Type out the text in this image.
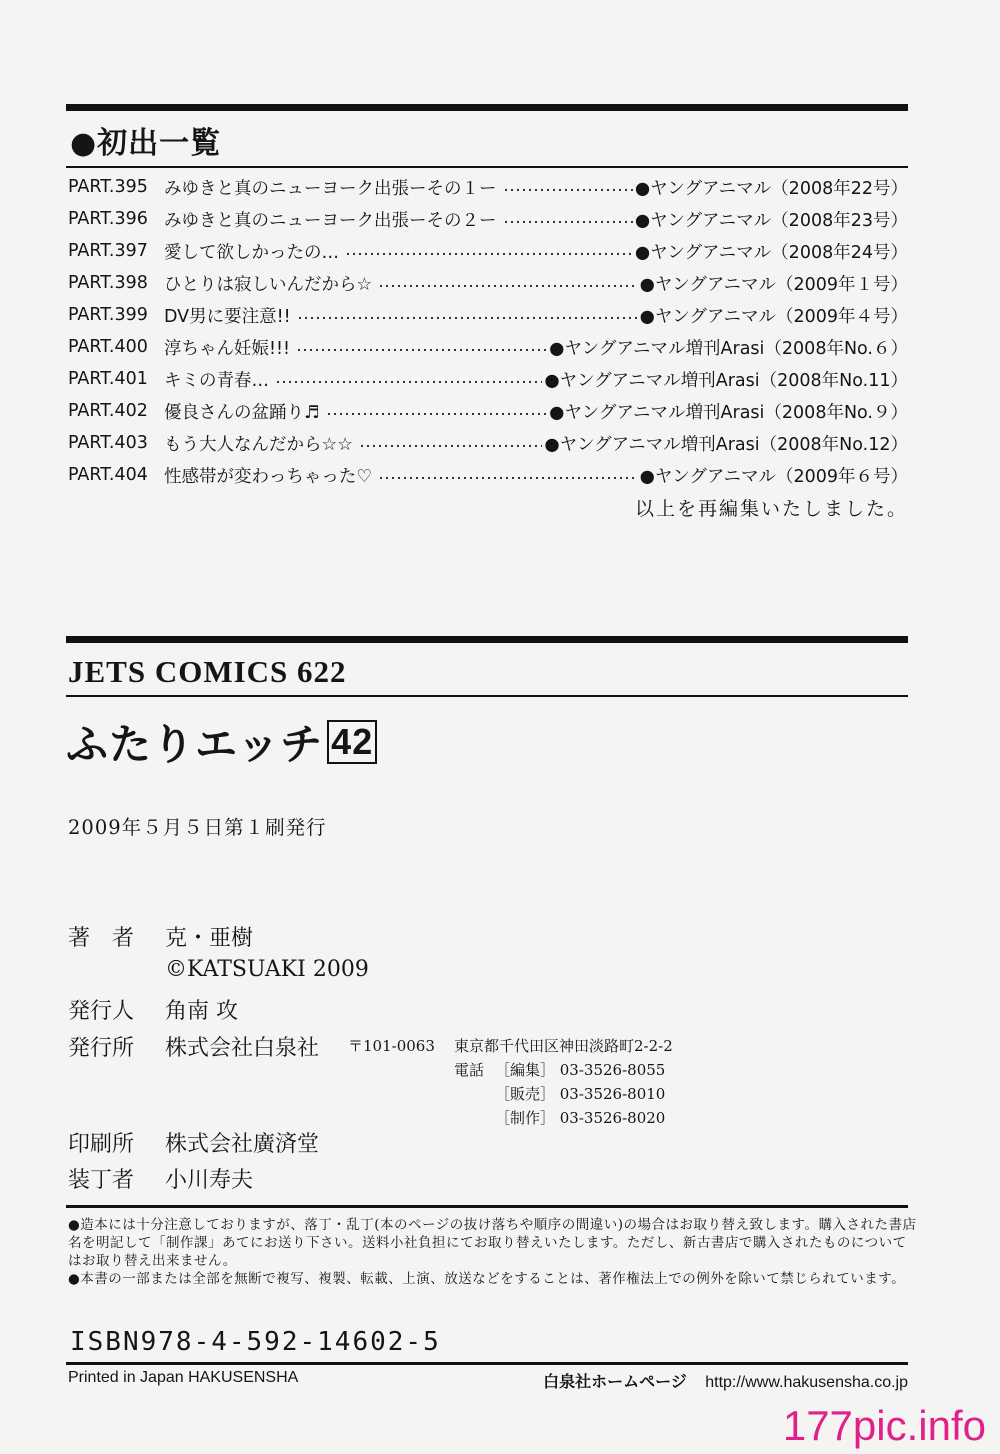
●初出一覧
PART.395 みゆきと真のニューヨーク出張ーその１ー	●ヤングアニマル（2008年22号）
PART.396 みゆきと真のニューヨーク出張ーその２ー	●ヤングアニマル（2008年23号）
PART.397 愛して欲しかったの…	●ヤングアニマル（2008年24号）
PART.398 ひとりは寂しいんだから☆	●ヤングアニマル（2009年１号）
PART.399 DV男に要注意!!	●ヤングアニマル（2009年４号）
PART.400 淳ちゃん妊娠!!!	●ヤングアニマル増刊Arasi（2008年No.６）
PART.401 キミの青春…	●ヤングアニマル増刊Arasi（2008年No.11）
PART.402 優良さんの盆踊り♬	●ヤングアニマル増刊Arasi（2008年No.９）
PART.403 もう大人なんだから☆☆	●ヤングアニマル増刊Arasi（2008年No.12）
PART.404 性感帯が変わっちゃった♡	●ヤングアニマル（2009年６号）
以上を再編集いたしました。
JETS COMICS 622
ふたりエッチ 42
2009年５月５日第１刷発行
著　者 克・亜樹
©KATSUAKI 2009
発行人 角南 攻
発行所 株式会社白泉社 〒101-0063 東京都千代田区神田淡路町2-2-2
電話 ［編集］ 03-3526-8055
［販売］ 03-3526-8010
［制作］ 03-3526-8020
印刷所 株式会社廣済堂
装丁者 小川寿夫

●造本には十分注意しておりますが、落丁・乱丁(本のページの抜け落ちや順序の間違い)の場合はお取り替え致します。購入された書店名を明記して「制作課」あてにお送り下さい。送料小社負担にてお取り替えいたします。ただし、新古書店で購入されたものについてはお取り替え出来ません。

●本書の一部または全部を無断で複写、複製、転載、上演、放送などをすることは、著作権法上での例外を除いて禁じられています。

ISBN978-4-592-14602-5
Printed in Japan HAKUSENSHA	白泉社ホームページ http://www.hakusensha.co.jp
177pic.info
